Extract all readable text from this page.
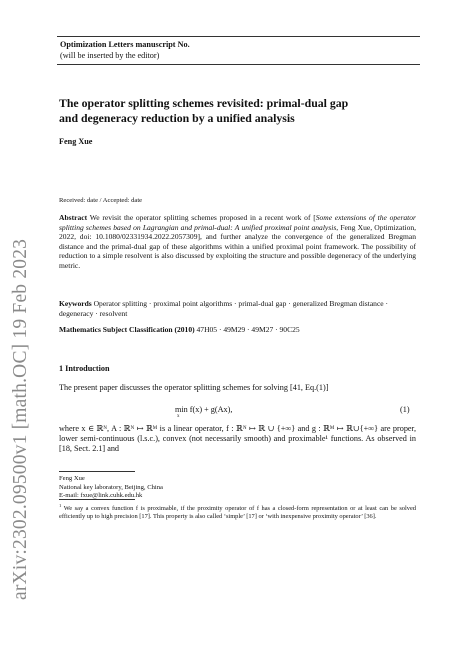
arXiv:2302.09500v1 [math.OC] 19 Feb 2023
Optimization Letters manuscript No.
(will be inserted by the editor)
The operator splitting schemes revisited: primal-dual gap and degeneracy reduction by a unified analysis
Feng Xue
Received: date / Accepted: date
Abstract We revisit the operator splitting schemes proposed in a recent work of [Some extensions of the operator splitting schemes based on Lagrangian and primal-dual: A unified proximal point analysis, Feng Xue, Optimization, 2022, doi: 10.1080/02331934.2022.2057309], and further analyze the convergence of the generalized Bregman distance and the primal-dual gap of these algorithms within a unified proximal point framework. The possibility of reduction to a simple resolvent is also discussed by exploiting the structure and possible degeneracy of the underlying metric.
Keywords Operator splitting · proximal point algorithms · primal-dual gap · generalized Bregman distance · degeneracy · resolvent
Mathematics Subject Classification (2010) 47H05 · 49M29 · 49M27 · 90C25
1 Introduction
The present paper discusses the operator splitting schemes for solving [41, Eq.(1)]
min f(x) + g(Ax),
x
(1)
where x ∈ ℝᴺ, A : ℝᴺ ↦ ℝᴹ is a linear operator, f : ℝᴺ ↦ ℝ ∪ {+∞} and g : ℝᴹ ↦ ℝ∪{+∞} are proper, lower semi-continuous (l.s.c.), convex (not necessarily smooth) and proximable¹ functions. As observed in [18, Sect. 2.1] and
Feng Xue
National key laboratory, Beijing, China
E-mail: fxue@link.cuhk.edu.hk
$^1$ We say a convex function f is proximable, if the proximity operator of f has a closed-form representation or at least can be solved efficiently up to high precision [17]. This property is also called ‘simple’ [17] or ‘with inexpensive proximity operator’ [36].
